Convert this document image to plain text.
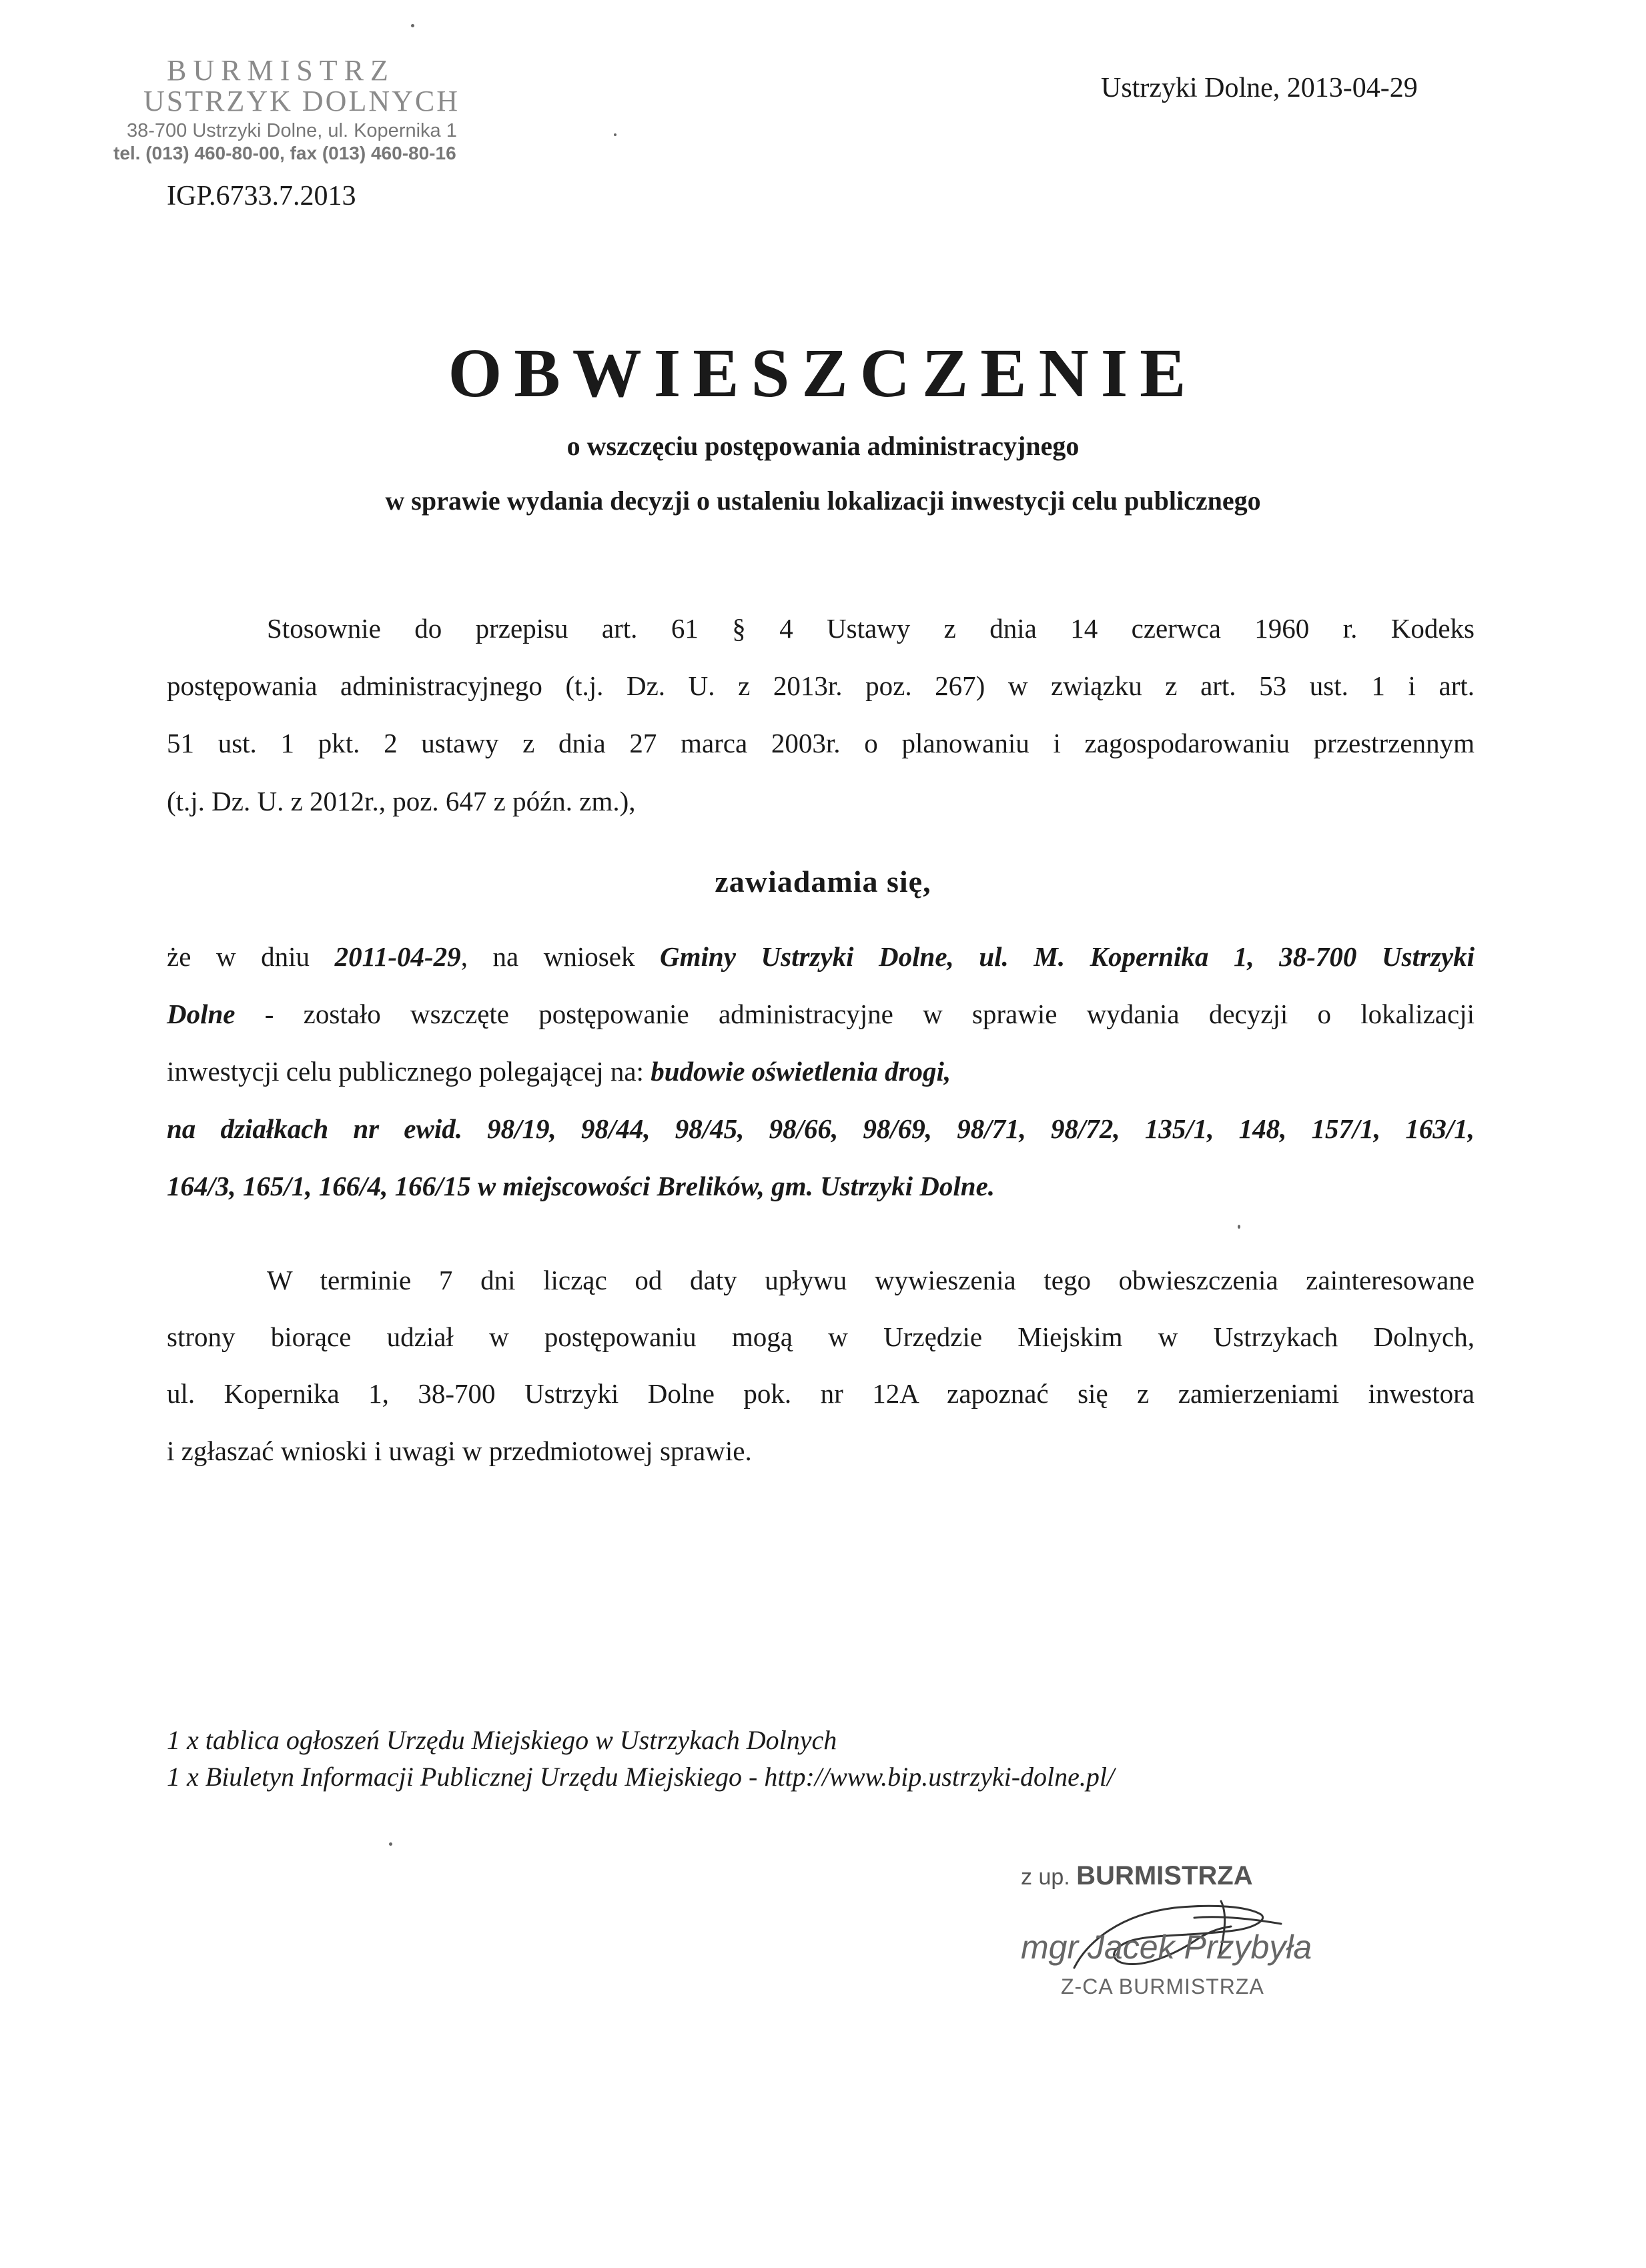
BURMISTRZ
USTRZYK DOLNYCH
38-700 Ustrzyki Dolne, ul. Kopernika 1
tel. (013) 460-80-00, fax (013) 460-80-16
IGP.6733.7.2013
Ustrzyki Dolne, 2013-04-29
OBWIESZCZENIE
o wszczęciu postępowania administracyjnego
w sprawie wydania decyzji o ustaleniu lokalizacji inwestycji celu publicznego
Stosownie do przepisu art. 61 § 4 Ustawy z dnia 14 czerwca 1960 r. Kodeks
postępowania administracyjnego (t.j. Dz. U. z 2013r. poz. 267) w związku z art. 53 ust. 1 i art.
51 ust. 1 pkt. 2 ustawy z dnia 27 marca 2003r. o planowaniu i zagospodarowaniu przestrzennym
(t.j. Dz. U. z 2012r., poz. 647 z późn. zm.),
zawiadamia się,
że w dniu 2011-04-29, na wniosek Gminy Ustrzyki Dolne, ul. M. Kopernika 1, 38-700 Ustrzyki
Dolne - zostało wszczęte postępowanie administracyjne w sprawie wydania decyzji o lokalizacji
inwestycji celu publicznego polegającej na: budowie oświetlenia drogi,
na działkach nr ewid. 98/19, 98/44, 98/45, 98/66, 98/69, 98/71, 98/72, 135/1, 148, 157/1, 163/1,
164/3, 165/1, 166/4, 166/15 w miejscowości Brelików, gm. Ustrzyki Dolne.
W terminie 7 dni licząc od daty upływu wywieszenia tego obwieszczenia zainteresowane
strony biorące udział w postępowaniu mogą w Urzędzie Miejskim w Ustrzykach Dolnych,
ul. Kopernika 1, 38-700 Ustrzyki Dolne pok. nr 12A zapoznać się z zamierzeniami inwestora
i zgłaszać wnioski i uwagi w przedmiotowej sprawie.
1 x tablica ogłoszeń Urzędu Miejskiego w Ustrzykach Dolnych
1 x Biuletyn Informacji Publicznej Urzędu Miejskiego - http://www.bip.ustrzyki-dolne.pl/
z up. BURMISTRZA
mgr Jacek Przybyła
Z-CA BURMISTRZA
